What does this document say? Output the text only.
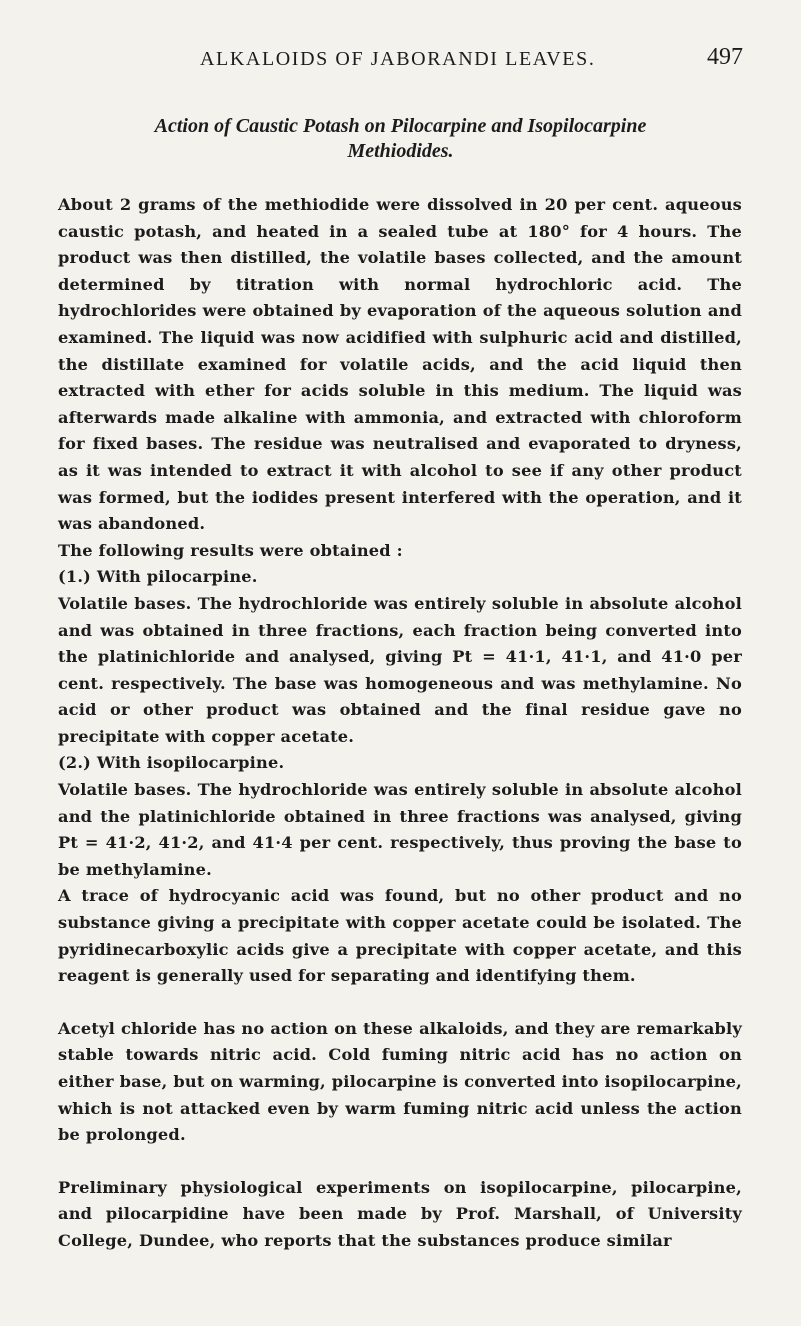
ALKALOIDS OF JABORANDI LEAVES.	497
Action of Caustic Potash on Pilocarpine and Isopilocarpine
Methiodides.

About 2 grams of the methiodide were dissolved in 20 per cent. aqueous caustic potash, and heated in a sealed tube at 180° for 4 hours. The product was then distilled, the volatile bases collected, and the amount determined by titration with normal hydrochloric acid. The hydrochlorides were obtained by evaporation of the aqueous solution and examined. The liquid was now acidified with sulphuric acid and distilled, the distillate examined for volatile acids, and the acid liquid then extracted with ether for acids soluble in this medium. The liquid was afterwards made alkaline with ammonia, and extracted with chloroform for fixed bases. The residue was neutralised and evaporated to dryness, as it was intended to extract it with alcohol to see if any other product was formed, but the iodides present interfered with the operation, and it was abandoned.

The following results were obtained :

(1.) With pilocarpine.

Volatile bases. The hydrochloride was entirely soluble in absolute alcohol and was obtained in three fractions, each fraction being converted into the platinichloride and analysed, giving Pt = 41·1, 41·1, and 41·0 per cent. respectively. The base was homogeneous and was methylamine. No acid or other product was obtained and the final residue gave no precipitate with copper acetate.

(2.) With isopilocarpine.

Volatile bases. The hydrochloride was entirely soluble in absolute alcohol and the platinichloride obtained in three fractions was analysed, giving Pt = 41·2, 41·2, and 41·4 per cent. respectively, thus proving the base to be methylamine.

A trace of hydrocyanic acid was found, but no other product and no substance giving a precipitate with copper acetate could be isolated. The pyridinecarboxylic acids give a precipitate with copper acetate, and this reagent is generally used for separating and identifying them.

Acetyl chloride has no action on these alkaloids, and they are remarkably stable towards nitric acid. Cold fuming nitric acid has no action on either base, but on warming, pilocarpine is converted into isopilocarpine, which is not attacked even by warm fuming nitric acid unless the action be prolonged.

Preliminary physiological experiments on isopilocarpine, pilocarpine, and pilocarpidine have been made by Prof. Marshall, of University College, Dundee, who reports that the substances produce similar
